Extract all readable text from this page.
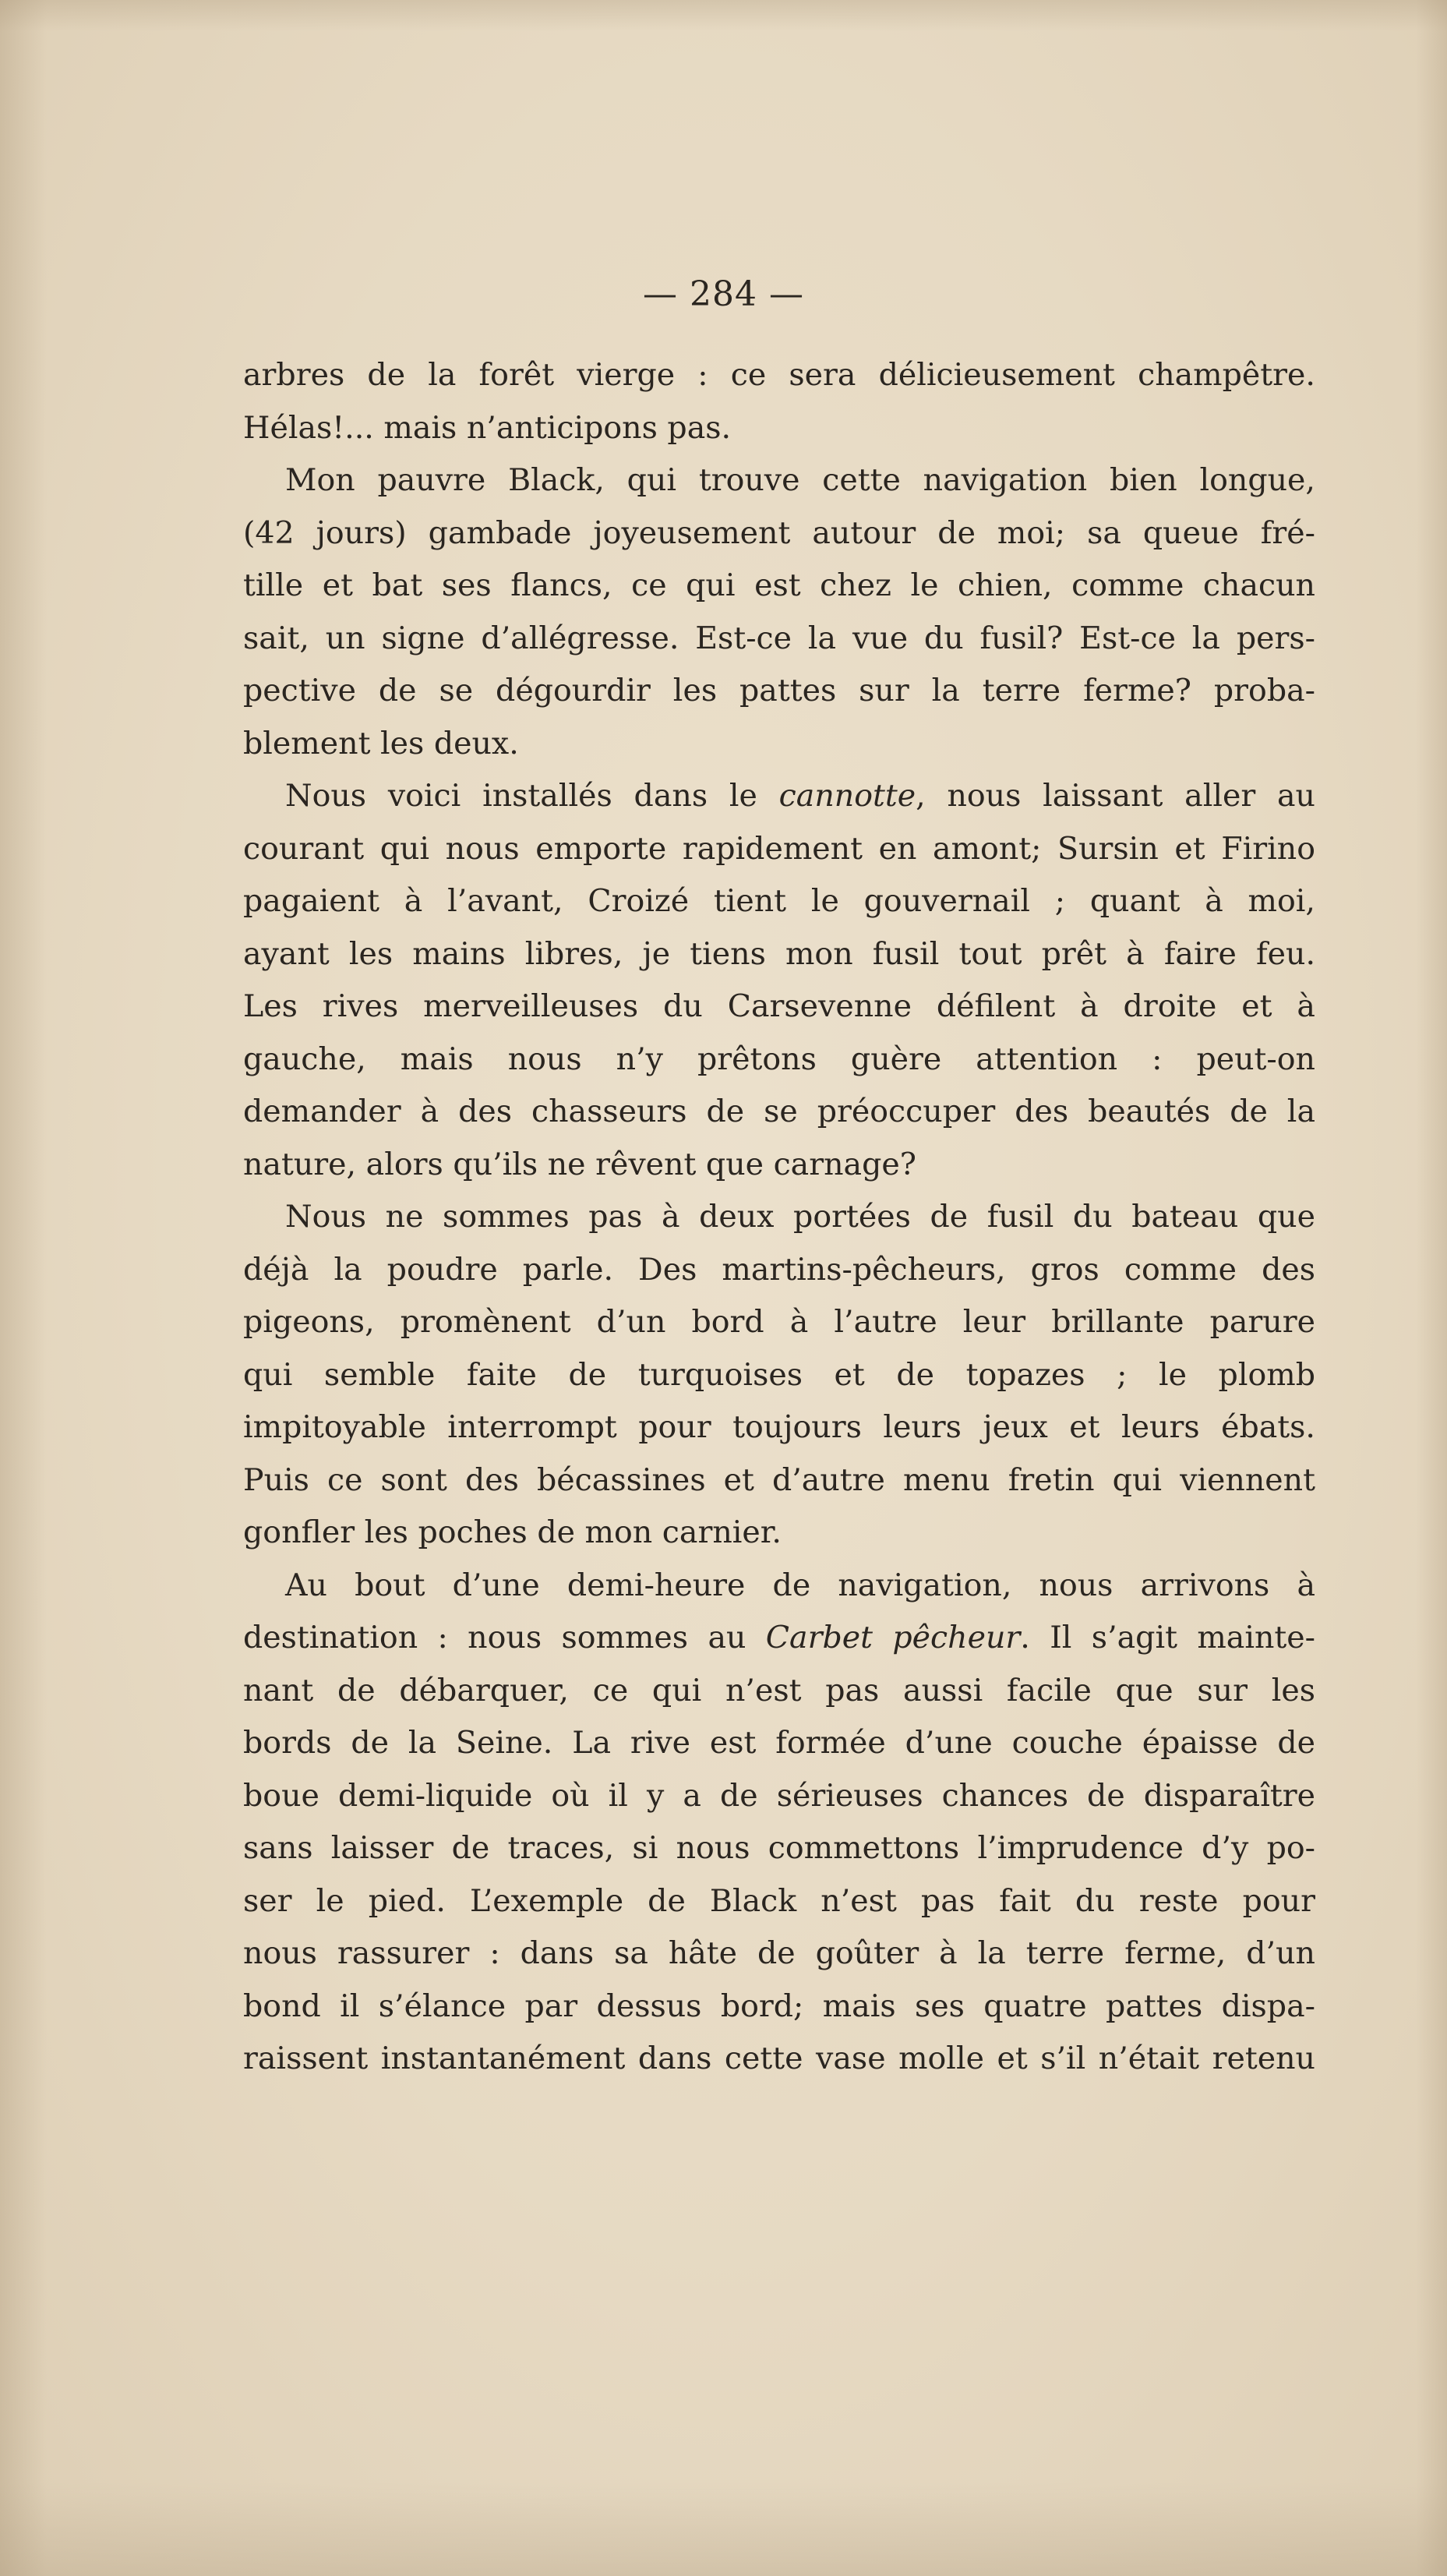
— 284 —
arbres de la forêt vierge : ce sera délicieusement champêtre.
Hélas!... mais n’anticipons pas.
Mon pauvre Black, qui trouve cette navigation bien longue,
(42 jours) gambade joyeusement autour de moi; sa queue fré-
tille et bat ses flancs, ce qui est chez le chien, comme chacun
sait, un signe d’allégresse. Est-ce la vue du fusil? Est-ce la pers-
pective de se dégourdir les pattes sur la terre ferme? proba-
blement les deux.
Nous voici installés dans le cannotte, nous laissant aller au
courant qui nous emporte rapidement en amont; Sursin et Firino
pagaient à l’avant, Croizé tient le gouvernail ; quant à moi,
ayant les mains libres, je tiens mon fusil tout prêt à faire feu.
Les rives merveilleuses du Carsevenne défilent à droite et à
gauche, mais nous n’y prêtons guère attention : peut-on
demander à des chasseurs de se préoccuper des beautés de la
nature, alors qu’ils ne rêvent que carnage?
Nous ne sommes pas à deux portées de fusil du bateau que
déjà la poudre parle. Des martins-pêcheurs, gros comme des
pigeons, promènent d’un bord à l’autre leur brillante parure
qui semble faite de turquoises et de topazes ; le plomb
impitoyable interrompt pour toujours leurs jeux et leurs ébats.
Puis ce sont des bécassines et d’autre menu fretin qui viennent
gonfler les poches de mon carnier.
Au bout d’une demi-heure de navigation, nous arrivons à
destination : nous sommes au Carbet pêcheur. Il s’agit mainte-
nant de débarquer, ce qui n’est pas aussi facile que sur les
bords de la Seine. La rive est formée d’une couche épaisse de
boue demi-liquide où il y a de sérieuses chances de disparaître
sans laisser de traces, si nous commettons l’imprudence d’y po-
ser le pied. L’exemple de Black n’est pas fait du reste pour
nous rassurer : dans sa hâte de goûter à la terre ferme, d’un
bond il s’élance par dessus bord; mais ses quatre pattes dispa-
raissent instantanément dans cette vase molle et s’il n’était retenu
